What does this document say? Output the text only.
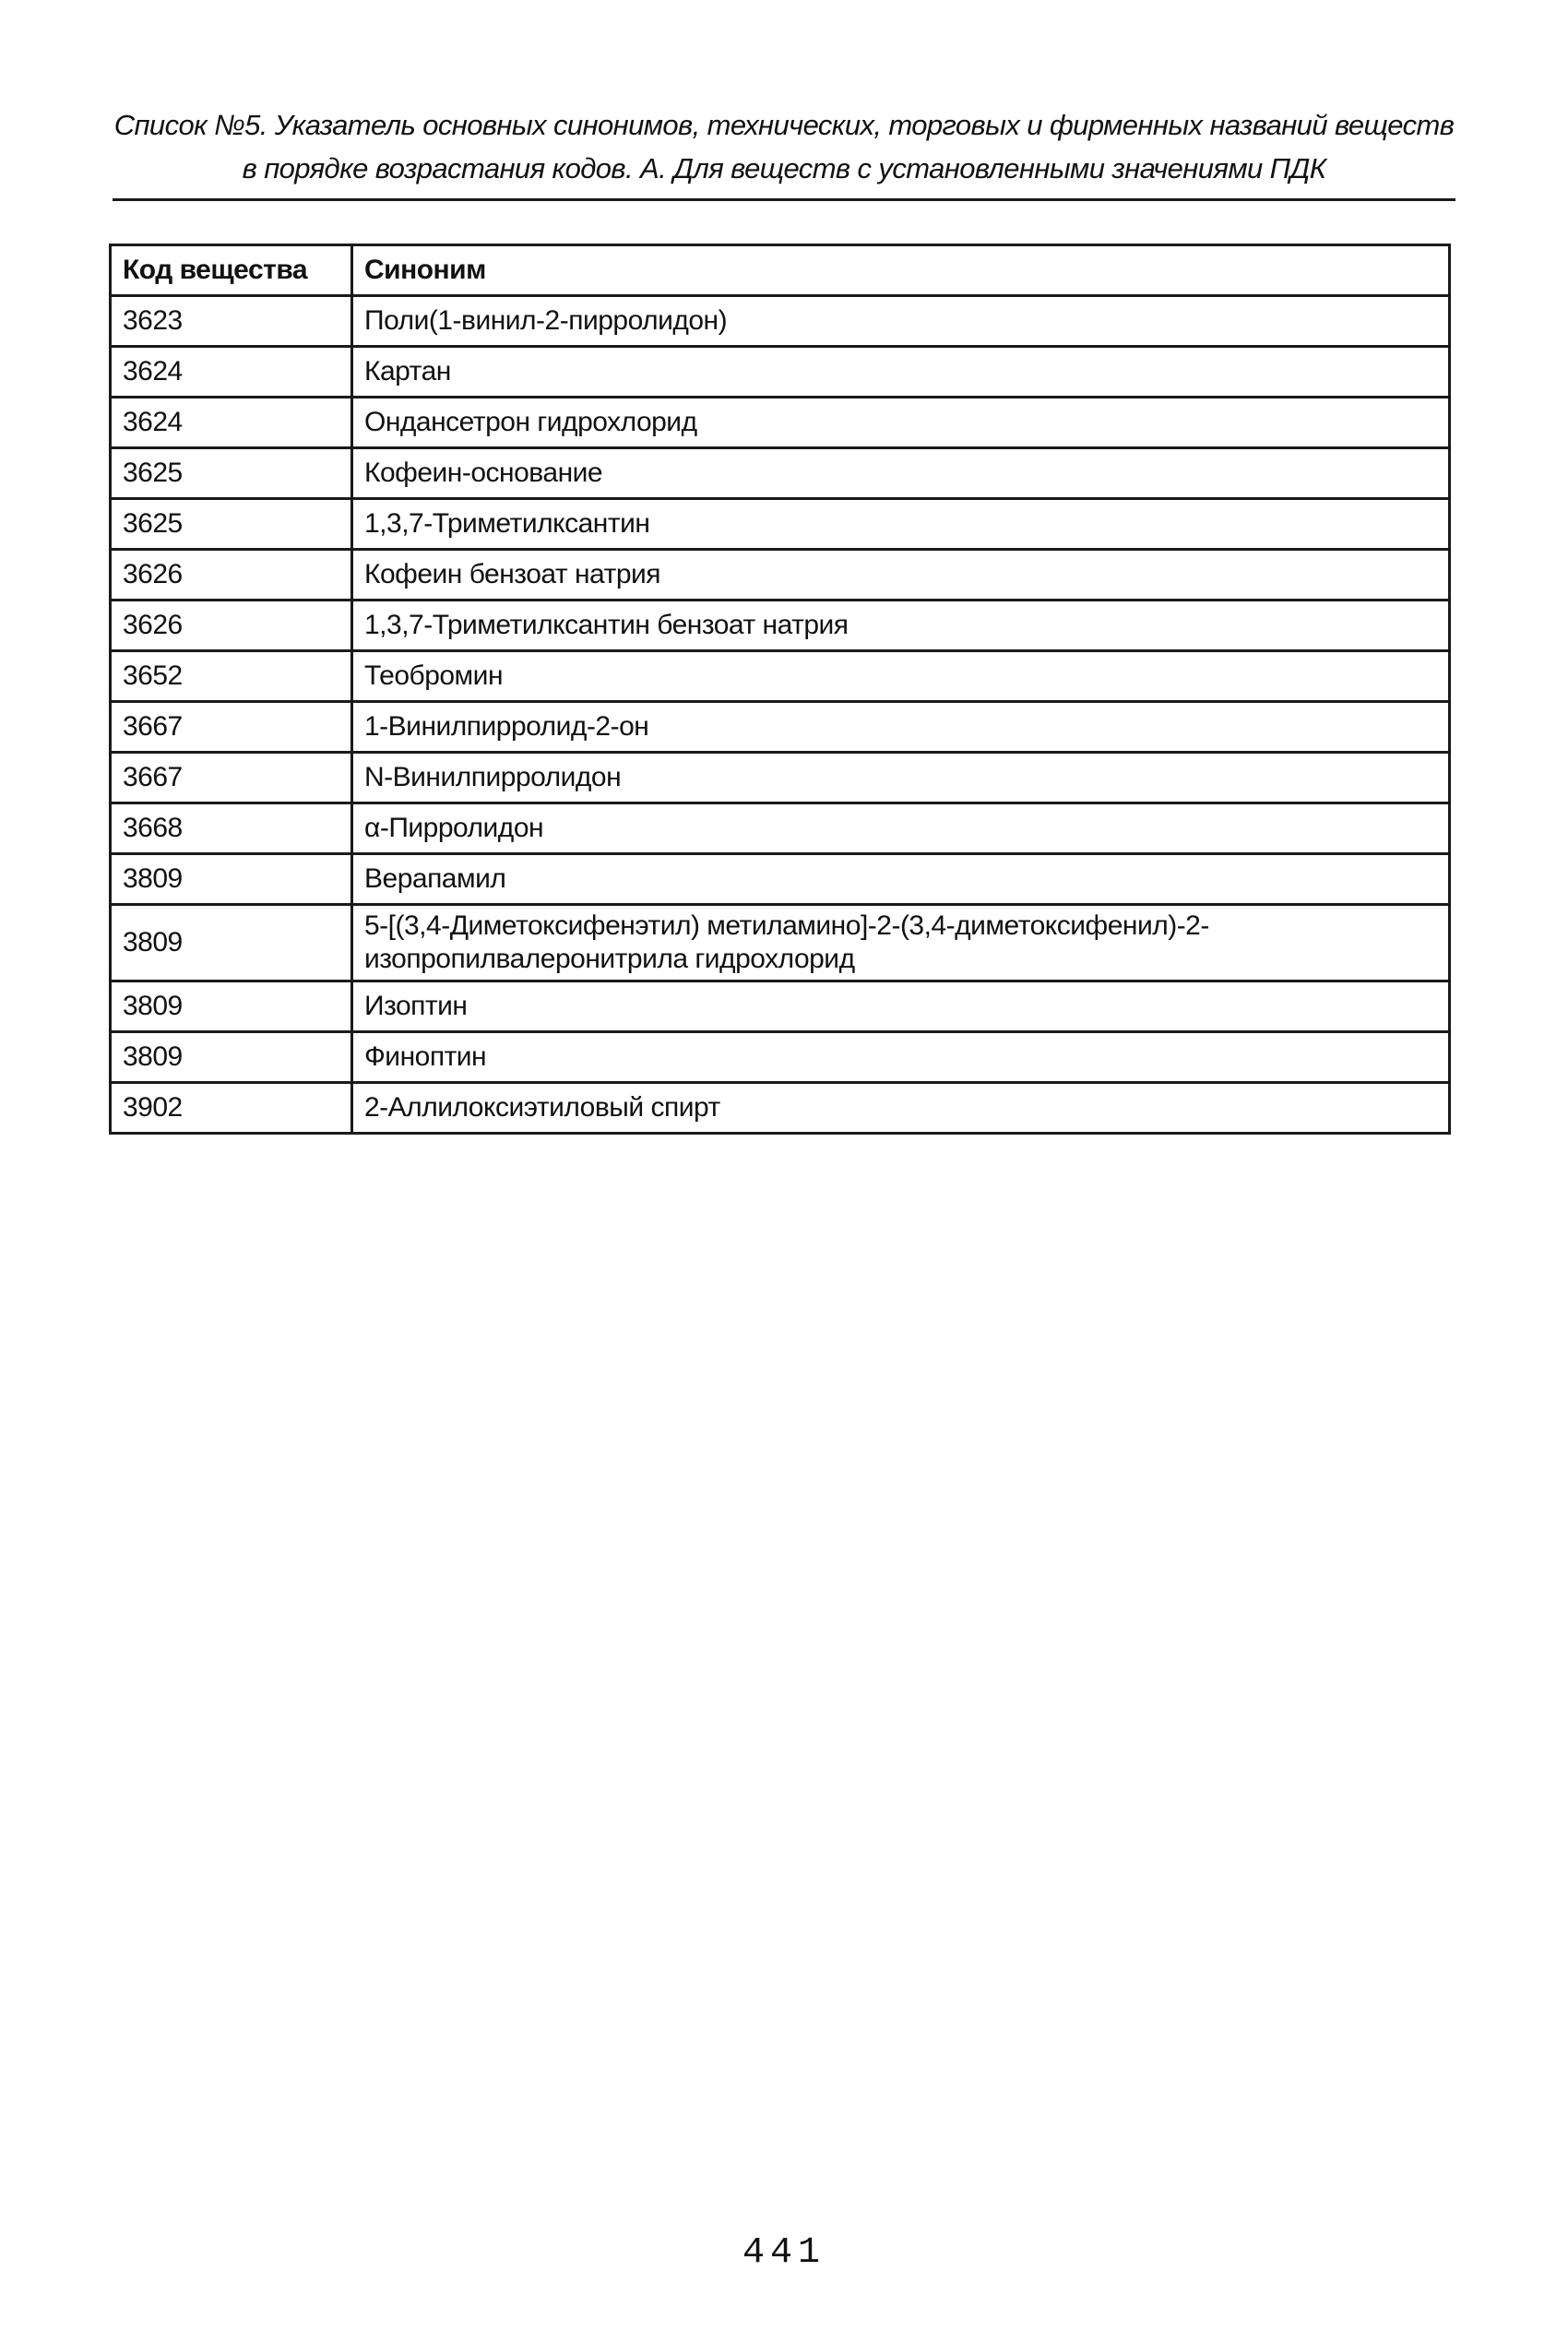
Список №5. Указатель основных синонимов, технических, торговых и фирменных названий веществ
в порядке возрастания кодов. А. Для веществ с установленными значениями ПДК
Код вещества	Синоним
3623	Поли(1-винил-2-пирролидон)
3624	Картан
3624	Ондансетрон гидрохлорид
3625	Кофеин-основание
3625	1,3,7-Триметилксантин
3626	Кофеин бензоат натрия
3626	1,3,7-Триметилксантин бензоат натрия
3652	Теобромин
3667	1-Винилпирролид-2-он
3667	N-Винилпирролидон
3668	α-Пирролидон
3809	Верапамил
3809	5-[(3,4-Диметоксифенэтил) метиламино]-2-(3,4-диметоксифенил)-2-
изопропилвалеронитрила гидрохлорид

3809	Изоптин
3809	Финоптин
3902	2-Аллилоксиэтиловый спирт
441
